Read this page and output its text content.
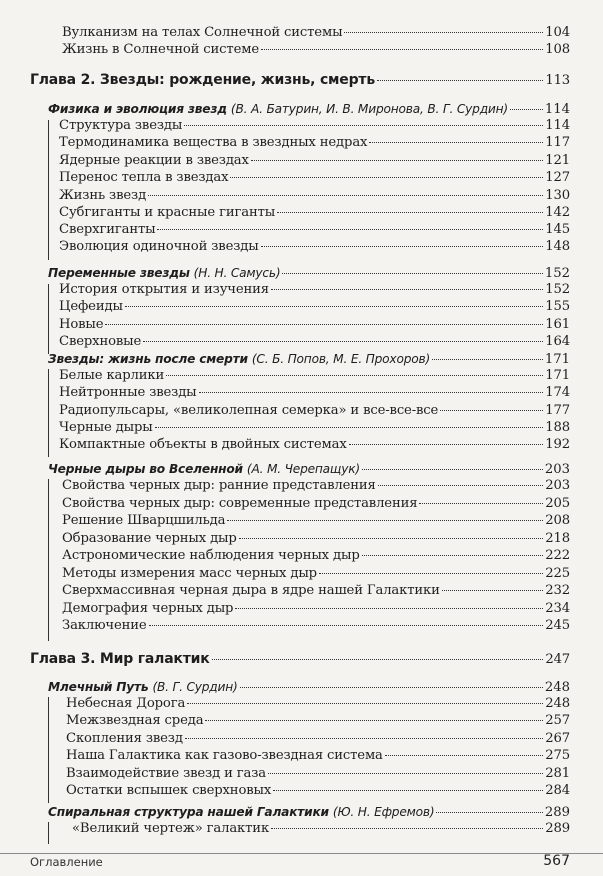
Вулканизм на телах Солнечной системы	104
Жизнь в Солнечной системе	108
Глава 2. Звезды: рождение, жизнь, смерть	113
Физика и эволюция звезд (В. А. Батурин, И. В. Миронова, В. Г. Сурдин)	114
Структура звезды	114
Термодинамика вещества в звездных недрах	117
Ядерные реакции в звездах	121
Перенос тепла в звездах	127
Жизнь звезд	130
Субгиганты и красные гиганты	142
Сверхгиганты	145
Эволюция одиночной звезды	148
Переменные звезды (Н. Н. Самусь)	152
История открытия и изучения	152
Цефеиды	155
Новые	161
Сверхновые	164
Звезды: жизнь после смерти (С. Б. Попов, М. Е. Прохоров)	171
Белые карлики	171
Нейтронные звезды	174
Радиопульсары, «великолепная семерка» и все-все-все	177
Черные дыры	188
Компактные объекты в двойных системах	192
Черные дыры во Вселенной (А. М. Черепащук)	203
Свойства черных дыр: ранние представления	203
Свойства черных дыр: современные представления	205
Решение Шварцшильда	208
Образование черных дыр	218
Астрономические наблюдения черных дыр	222
Методы измерения масс черных дыр	225
Сверхмассивная черная дыра в ядре нашей Галактики	232
Демография черных дыр	234
Заключение	245
Глава 3. Мир галактик	247
Млечный Путь (В. Г. Сурдин)	248
Небесная Дорога	248
Межзвездная среда	257
Скопления звезд	267
Наша Галактика как газово-звездная система	275
Взаимодействие звезд и газа	281
Остатки вспышек сверхновых	284
Спиральная структура нашей Галактики (Ю. Н. Ефремов)	289
«Великий чертеж» галактик	289
Оглавление	567
